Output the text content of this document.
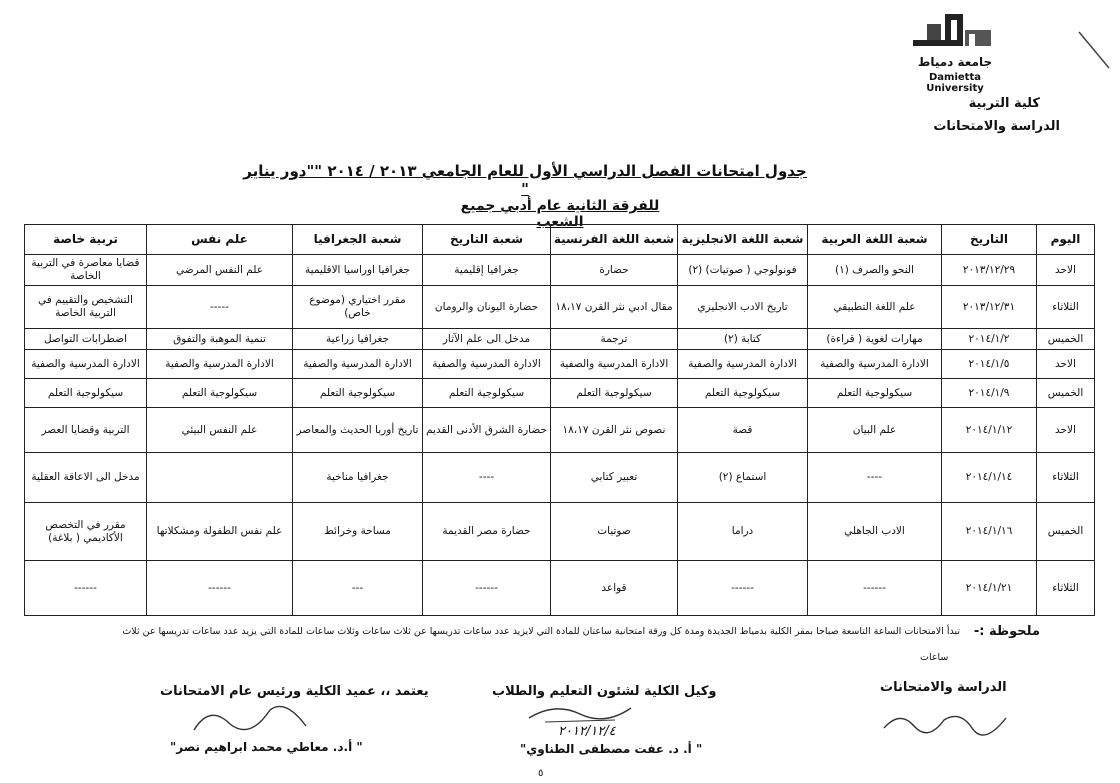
جامعة دمياط
Damietta University
كلية التربية
الدراسة والامتحانات
جدول امتحانات الفصل الدراسي الأول للعام الجامعي ٢٠١٣ / ٢٠١٤ ""دور يناير "
للفرقة الثانية عام أدبي جميع الشعب
اليوم	التاريخ	شعبة اللغة العربية	شعبة اللغة الانجليزية	شعبة اللغة الفرنسية	شعبة التاريخ	شعبة الجغرافيا	علم نفس	تربية خاصة
الاحد	٢٠١٣/١٢/٢٩	النحو والصرف (١)	فونولوجي ( صوتيات) (٢)	حضارة	جغرافيا إقليمية	جغرافيا اوراسيا الاقليمية	علم النفس المرضي	قضايا معاصرة في التربية الخاصة
الثلاثاء	٢٠١٣/١٢/٣١	علم اللغة التطبيقي	تاريخ الادب الانجليزي	مقال ادبي نثر القرن ١٨،١٧	حضارة اليونان والرومان	مقرر اختياري (موضوع خاص)	-----	التشخيص والتقييم في التربية الخاصة
الخميس	٢٠١٤/١/٢	مهارات لغوية ( قراءة)	كتابة (٢)	ترجمة	مدخل الى علم الآثار	جغرافيا زراعية	تنمية الموهبة والتفوق	اضطرابات التواصل
الاحد	٢٠١٤/١/٥	الادارة المدرسية والصفية	الادارة المدرسية والصفية	الادارة المدرسية والصفية	الادارة المدرسية والصفية	الادارة المدرسية والصفية	الادارة المدرسية والصفية	الادارة المدرسية والصفية
الخميس	٢٠١٤/١/٩	سيكولوجية التعلم	سيكولوجية التعلم	سيكولوجية التعلم	سيكولوجية التعلم	سيكولوجية التعلم	سيكولوجية التعلم	سيكولوجية التعلم
الاحد	٢٠١٤/١/١٢	علم البيان	قصة	نصوص نثر القرن ١٨،١٧	حضارة الشرق الأدنى القديم	تاريخ أوربا الحديث والمعاصر	علم النفس البيئي	التربية وقضايا العصر
الثلاثاء	٢٠١٤/١/١٤	----	استماع (٢)	تعبير كتابي	----	جغرافيا مناخية		مدخل الى الاعاقة العقلية
الخميس	٢٠١٤/١/١٦	الادب الجاهلي	دراما	صوتيات	حضارة مصر القديمة	مساحة وخرائط	علم نفس الطفولة ومشكلاتها	مقرر في التخصص الأكاديمي ( بلاغة)
الثلاثاء	٢٠١٤/١/٢١	------	------	قواعد	------	---	------	------
ملحوظة :-
تبدأ الامتحانات الساعة التاسعة صباحا بمقر الكلية بدمياط الجديدة ومدة كل ورقة امتحانية ساعتان للمادة التي لايزيد عدد ساعات تدريسها عن ثلاث ساعات وثلاث ساعات للمادة التي يزيد عدد ساعات تدريسها عن ثلاث
ساعات
الدراسة والامتحانات
وكيل الكلية لشئون التعليم والطلاب
٢٠١٢/١٢/٤
" أ. د. عفت مصطفى الطناوي"
يعتمد ،، عميد الكلية ورئيس عام الامتحانات
" أ.د. معاطي محمد ابراهيم نصر"
٥
